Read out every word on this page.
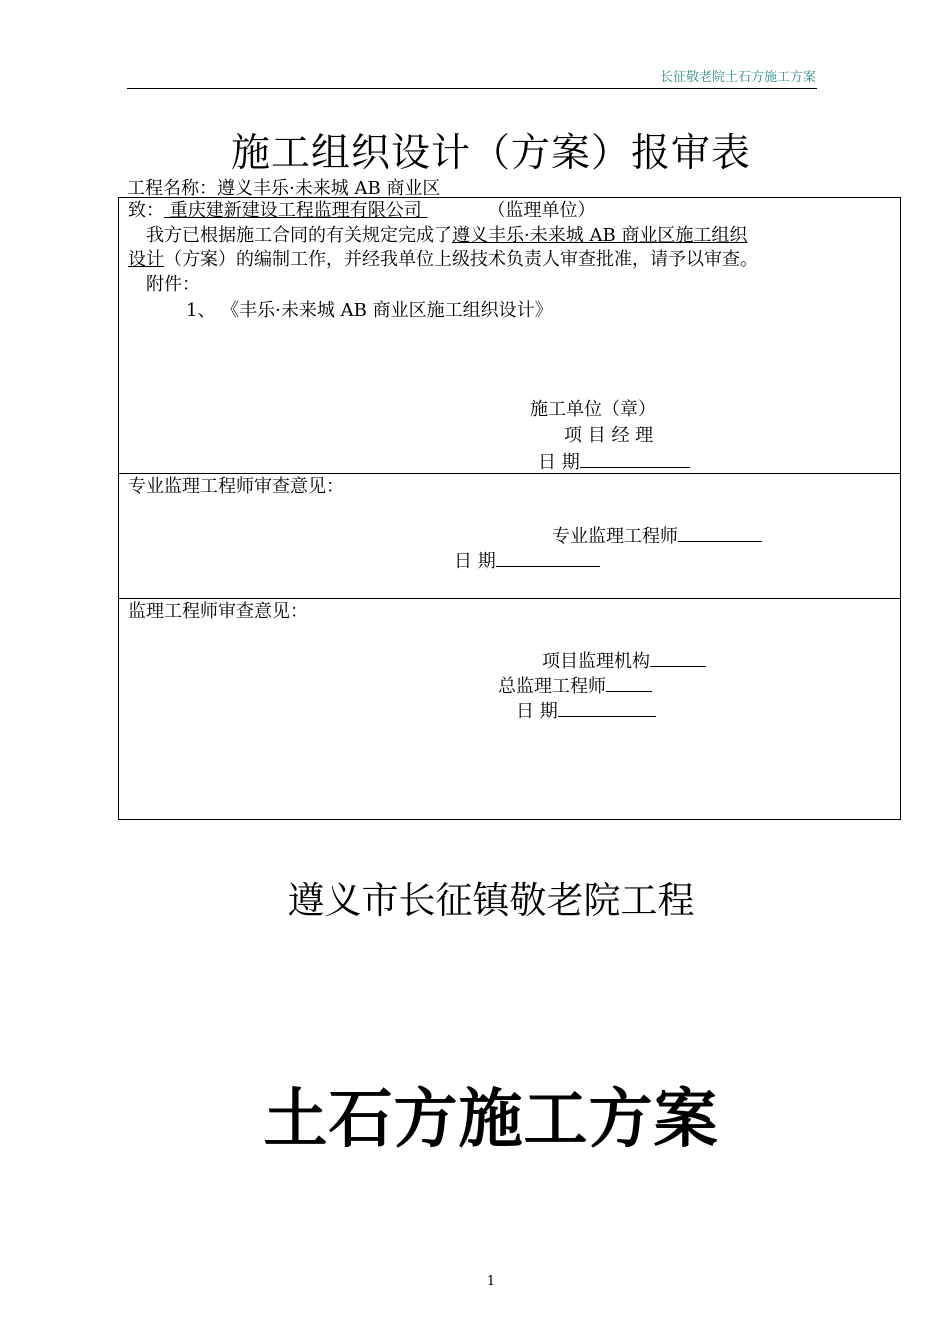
长征敬老院土石方施工方案
施工组织设计（方案）报审表
工程名称：遵义丰乐·未来城 AB 商业区
致： 重庆建新建设工程监理有限公司	（监理单位）
我方已根据施工合同的有关规定完成了遵义丰乐·未来城 AB 商业区施工组织
设计（方案）的编制工作，并经我单位上级技术负责人审查批准，请予以审查。
附件：
1、 《丰乐·未来城 AB 商业区施工组织设计》
施工单位（章）
项 目 经 理
日 期
专业监理工程师审查意见：
专业监理工程师
日 期
监理工程师审查意见：
项目监理机构
总监理工程师
日 期
遵义市长征镇敬老院工程
土石方施工方案
1
